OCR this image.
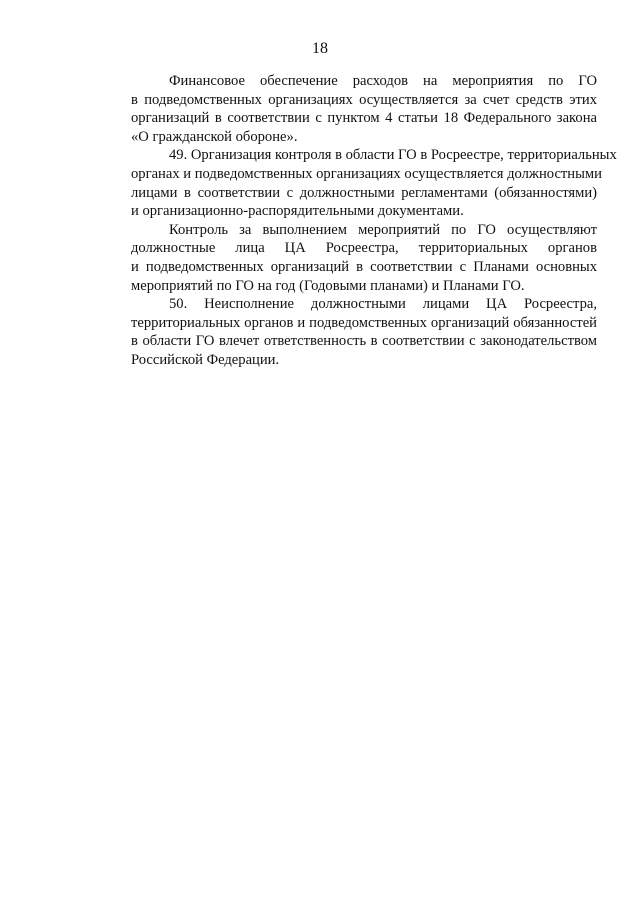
18
Финансовое обеспечение расходов на мероприятия по ГО
в подведомственных организациях осуществляется за счет средств этих
организаций в соответствии с пунктом 4 статьи 18 Федерального закона
«О гражданской обороне».
49. Организация контроля в области ГО в Росреестре, территориальных
органах и подведомственных организациях осуществляется должностными
лицами в соответствии с должностными регламентами (обязанностями)
и организационно-распорядительными документами.
Контроль за выполнением мероприятий по ГО осуществляют
должностные лица ЦА Росреестра, территориальных органов
и подведомственных организаций в соответствии с Планами основных
мероприятий по ГО на год (Годовыми планами) и Планами ГО.
50. Неисполнение должностными лицами ЦА Росреестра,
территориальных органов и подведомственных организаций обязанностей
в области ГО влечет ответственность в соответствии с законодательством
Российской Федерации.
